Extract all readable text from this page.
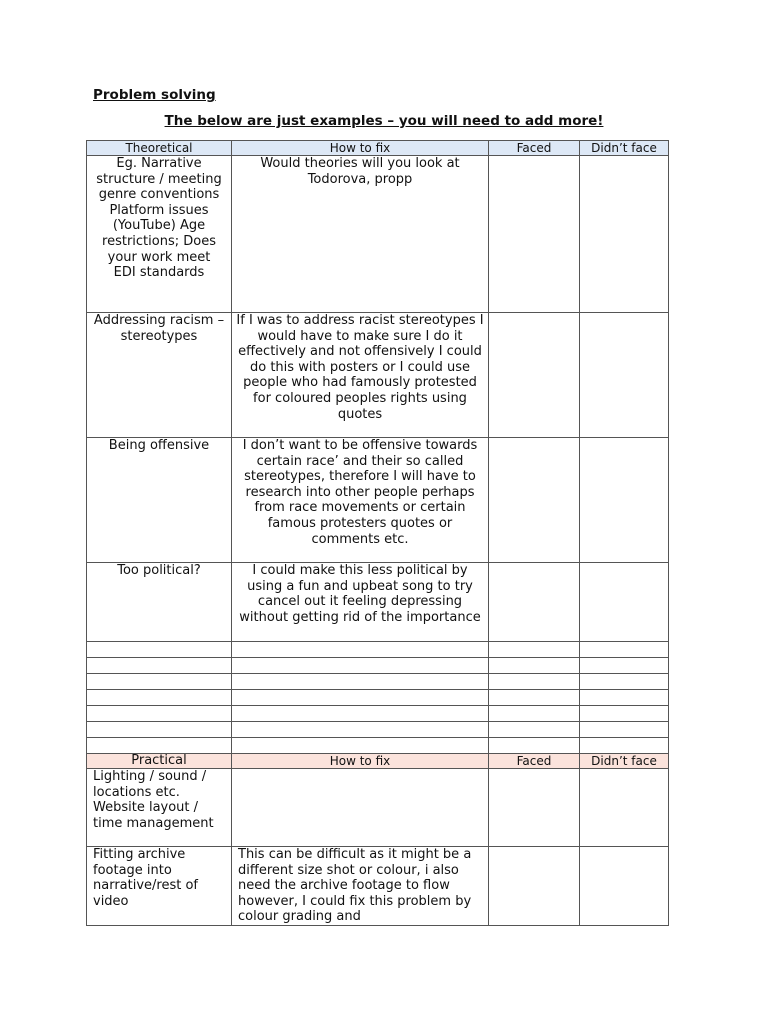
Problem solving
The below are just examples – you will need to add more!
Theoretical	How to fix	Faced	Didn’t face
Eg. Narrative structure / meeting genre conventions Platform issues (YouTube) Age restrictions; Does your work meet EDI standards	Would theories will you look at Todorova, propp		
Addressing racism – stereotypes	If I was to address racist stereotypes I would have to make sure I do it effectively and not offensively I could do this with posters or I could use people who had famously protested for coloured peoples rights using quotes		
Being offensive	I don’t want to be offensive towards certain race’ and their so called stereotypes, therefore I will have to research into other people perhaps from race movements or certain famous protesters quotes or comments etc.		
Too political?	I could make this less political by using a fun and upbeat song to try cancel out it feeling depressing without getting rid of the importance		

Practical	How to fix	Faced	Didn’t face
Lighting / sound / locations etc. Website layout / time management			
Fitting archive footage into narrative/rest of video	This can be difficult as it might be a different size shot or colour, i also need the archive footage to flow however, I could fix this problem by colour grading and		
